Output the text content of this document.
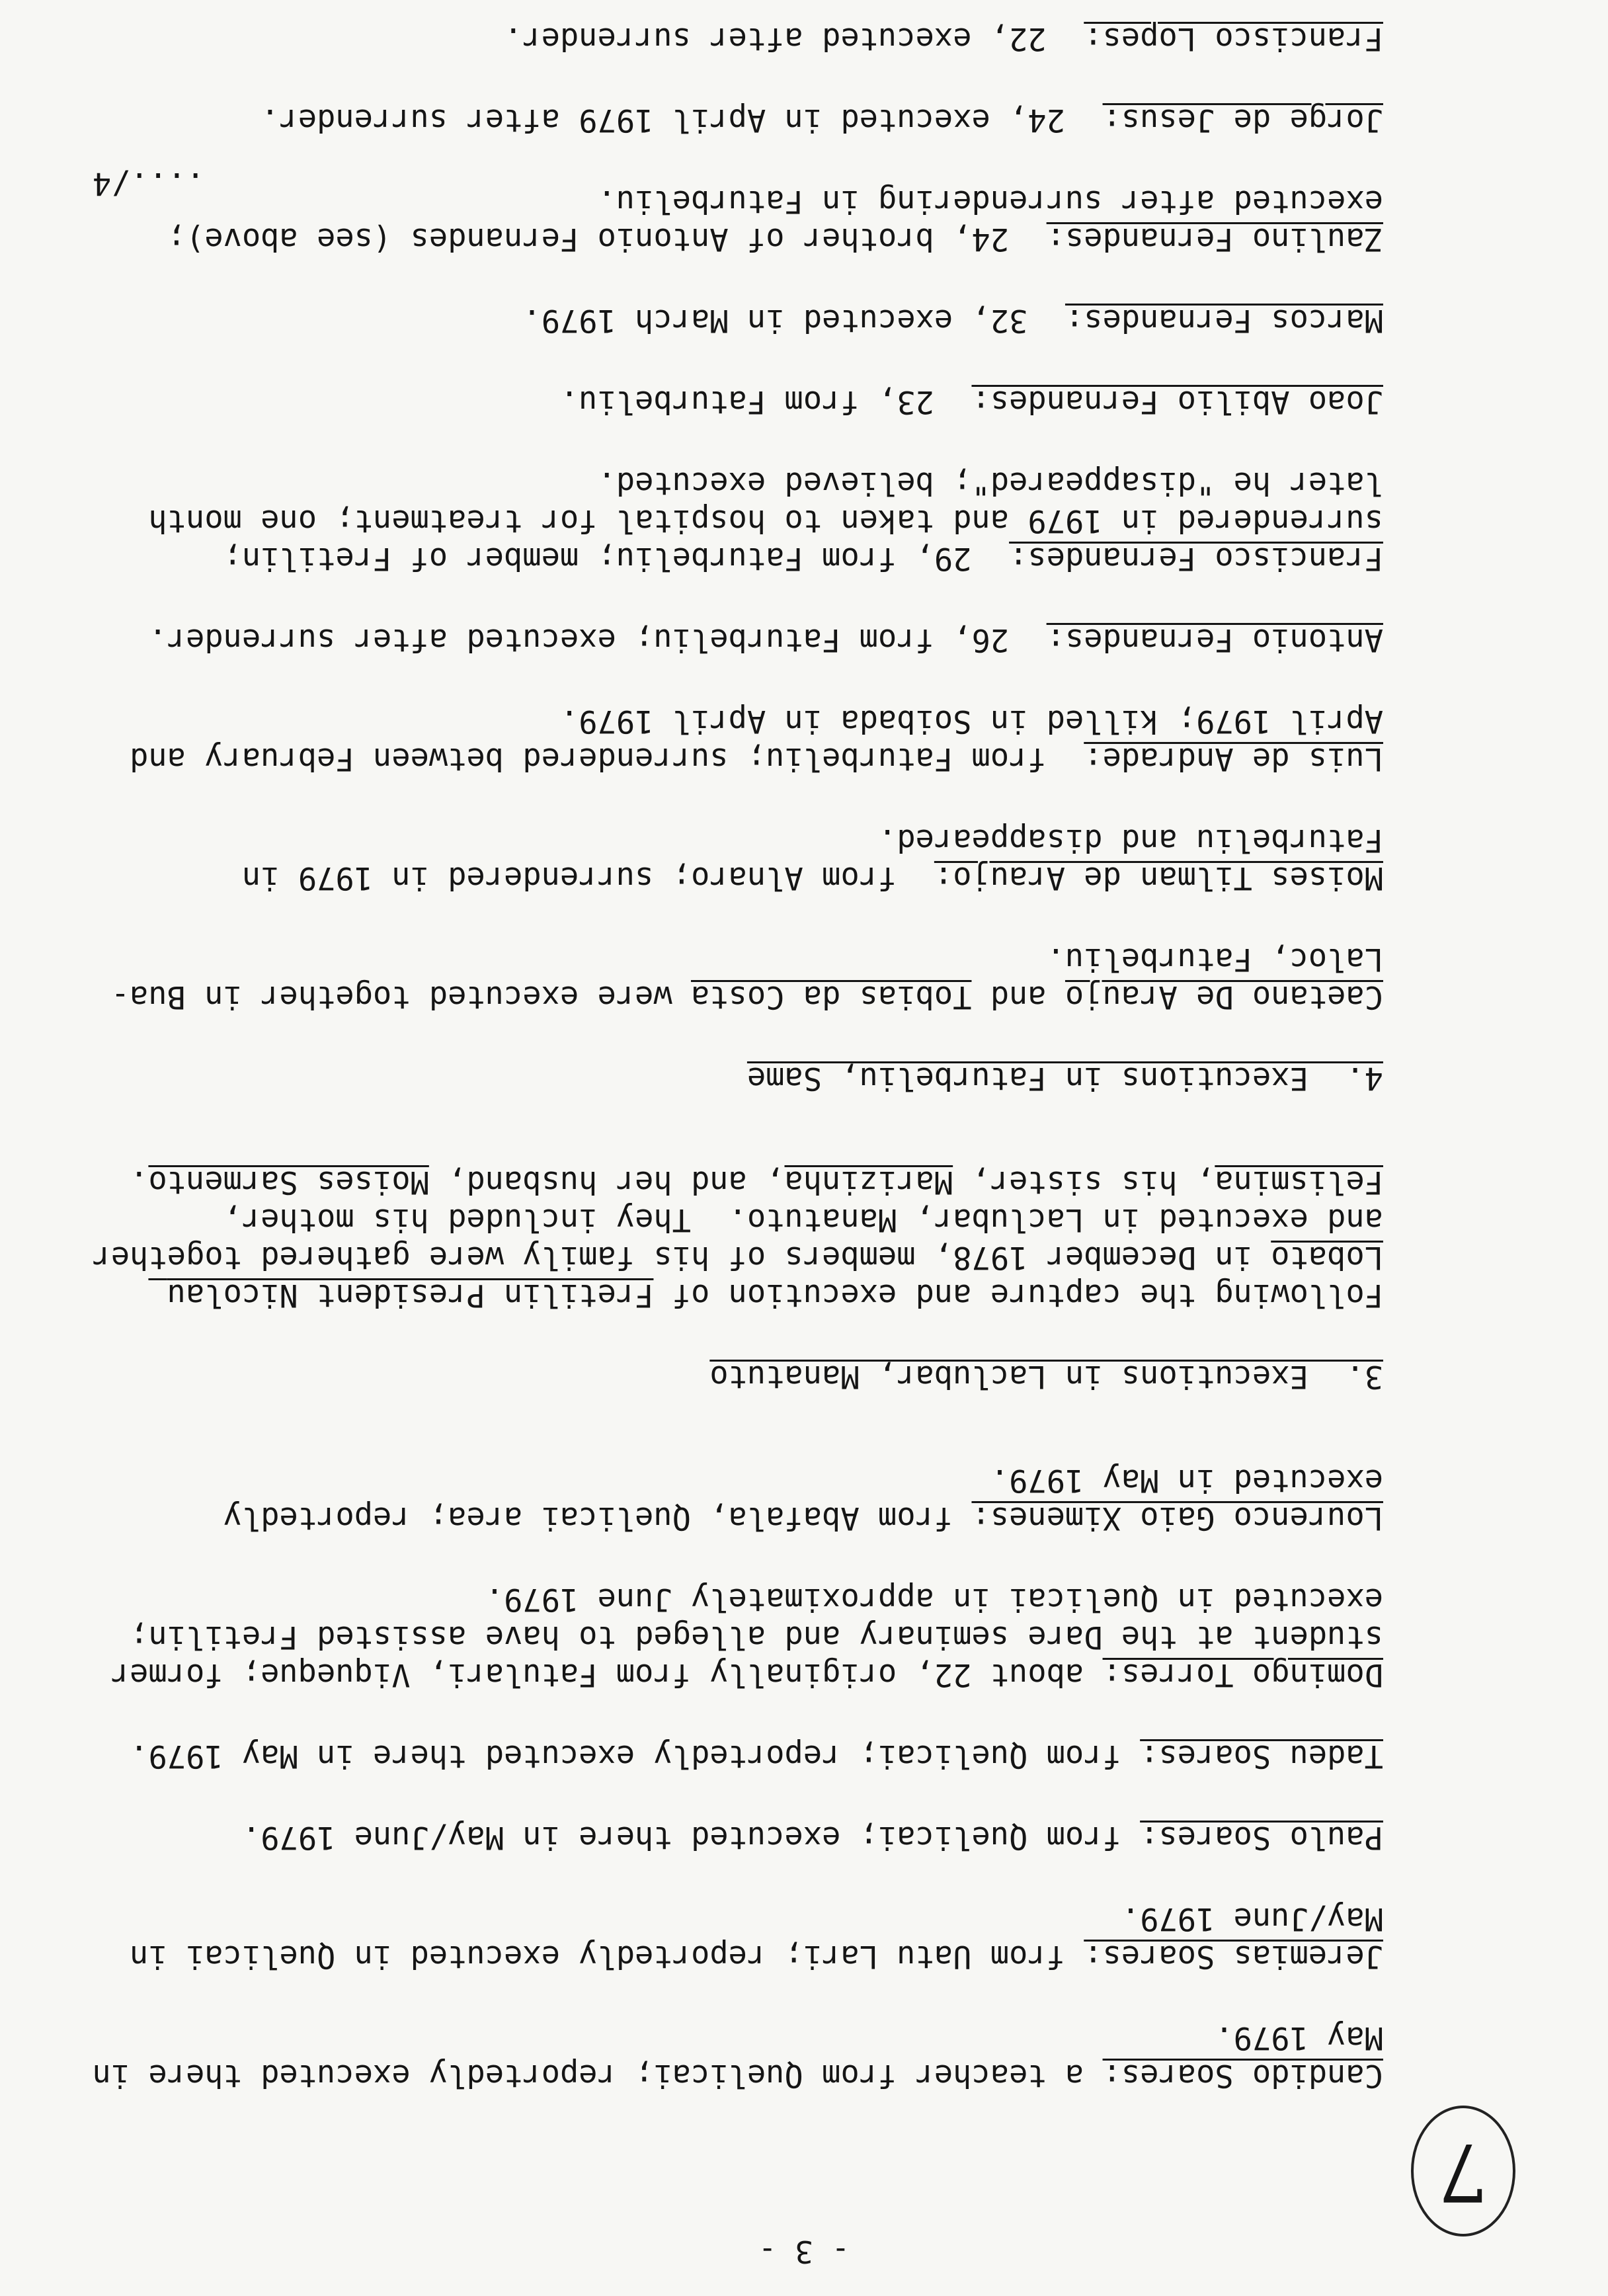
- 3 -
7

Candido Soares: a teacher from Quelicai; reportedly executed there in May 1979.

Jeremias Soares: from Uatu Lari; reportedly executed in Quelicai in May/June 1979.

Paulo Soares: from Quelicai; executed there in May/June 1979.

Tadeu Soares: from Quelicai; reportedly executed there in May 1979.

Domingo Torres: about 22, originally from Fatulari, Viqueque; former student at the Dare seminary and alleged to have assisted Fretilin; executed in Quelicai in approximately June 1979.

Lourenco Gaio Ximenes: from Abafala, Quelicai area; reportedly executed in May 1979.

3.  Executions in Laclubar, Manatuto

Following the capture and execution of Fretilin President Nicolau Lobato in December 1978, members of his family were gathered together and executed in Laclubar, Manatuto.  They included his mother, Felismina, his sister, Marizinha, and her husband, Moises Sarmento.

4.  Executions in Faturbeliu, Same

Caetano De Araujo and Tobias da Costa were executed together in Bua-Laloc, Faturbeliu.

Moises Tilman de Araujo:  from Alnaro; surrendered in 1979 in Faturbeliu and disappeared.

Luis de Andrade:  from Faturbeliu; surrendered between February and April 1979; killed in Soibada in April 1979.

Antonio Fernandes:  26, from Faturbeliu; executed after surrender.

Francisco Fernandes:  29, from Faturbeliu; member of Fretilin; surrendered in 1979 and taken to hospital for treatment; one month later he "disappeared"; believed executed.

Joao Abilio Fernandes:  23, from Faturbeliu.

Marcos Fernandes:  32, executed in March 1979.

Zaulino Fernandes:  24, brother of Antonio Fernandes (see above); executed after surrendering in Faturbeliu.

Jorge de Jesus:  24, executed in April 1979 after surrender.

Francisco Lopes:  22, executed after surrender.

..../4
